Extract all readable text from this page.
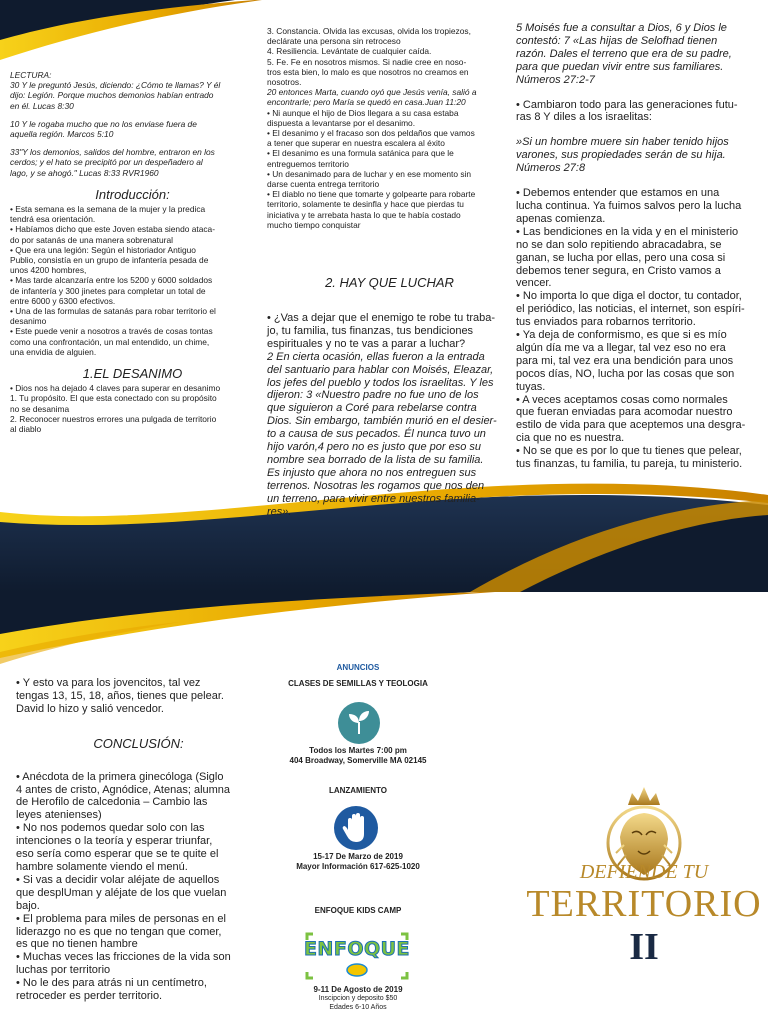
LECTURA:

30 Y le preguntó Jesús, diciendo: ¿Cómo te llamas? Y él

dijo: Legión. Porque muchos demonios habían entrado

en él. Lucas 8:30

10 Y le rogaba mucho que no los enviase fuera de

aquella región. Marcos 5:10

33"Y los demonios, salidos del hombre, entraron en los

cerdos; y el hato se precipitó por un despeñadero al

lago, y se ahogó." Lucas 8:33 RVR1960

Introducción:

• Esta semana es la semana de la mujer y la predica

tendrá esa orientación.

• Habíamos dicho que este Joven estaba siendo ataca-

do por satanás de una manera sobrenatural

• Que era una legión: Según el historiador Antiguo

Publio, consistía en un grupo de infantería pesada de

unos 4200 hombres,

• Mas tarde alcanzaría entre los 5200 y 6000 soldados

de infantería y 300 jinetes para completar un total de

entre 6000 y 6300 efectivos.

• Una de las formulas de satanás para robar territorio el

desanimo

• Este puede venir a nosotros a través de cosas tontas

como una confrontación, un mal entendido, un chime,

una envidia de alguien.

1.EL DESANIMO

• Dios nos ha dejado 4 claves para superar en desanimo

1. Tu propósito. El que esta conectado con su propósito

no se desanima

2. Reconocer nuestros errores una pulgada de territorio

al diablo

3. Constancia. Olvida las excusas, olvida los tropiezos,

declárate una persona sin retroceso

4. Resiliencia. Levántate de cualquier caída.

5. Fe. Fe en nosotros mismos. Si nadie cree en noso-

tros esta bien, lo malo es que nosotros no creamos en

nosotros.

20 entonces Marta, cuando oyó que Jesús venía, salió a

encontrarle; pero María se quedó en casa.Juan 11:20

• Ni aunque el hijo de Dios llegara a su casa estaba

dispuesta a levantarse por el desanimo.

• El desanimo y el fracaso son dos peldaños que vamos

a tener que superar en nuestra escalera al éxito

• El desanimo es una formula satánica para que le

entreguemos territorio

• Un desanimado para de luchar y en ese momento sin

darse cuenta entrega territorio

• El diablo no tiene que tomarte y golpearte para robarte

territorio, solamente te desinfla y hace que pierdas tu

iniciativa y te arrebata hasta lo que te había costado

mucho tiempo conquistar

2. HAY QUE LUCHAR

• ¿Vas a dejar que el enemigo te robe tu traba-

jo, tu familia, tus finanzas, tus bendiciones

espirituales y no te vas a parar a luchar?

2 En cierta ocasión, ellas fueron a la entrada

del santuario para hablar con Moisés, Eleazar,

los jefes del pueblo y todos los israelitas. Y les

dijeron: 3 «Nuestro padre no fue uno de los

que siguieron a Coré para rebelarse contra

Dios. Sin embargo, también murió en el desier-

to a causa de sus pecados. Él nunca tuvo un

hijo varón,4 pero no es justo que por eso su

nombre sea borrado de la lista de su familia.

Es injusto que ahora no nos entreguen sus

terrenos. Nosotras les rogamos que nos den

un terreno, para vivir entre nuestros familia-

res».

5 Moisés fue a consultar a Dios, 6 y Dios le

contestó: 7 «Las hijas de Selofhad tienen

razón. Dales el terreno que era de su padre,

para que puedan vivir entre sus familiares.

Números 27:2-7

• Cambiaron todo para las generaciones futu-

ras 8 Y diles a los israelitas:

»Si un hombre muere sin haber tenido hijos

varones, sus propiedades serán de su hija.

Números 27:8

• Debemos entender que estamos en una

lucha continua. Ya fuimos salvos pero la lucha

apenas comienza.

• Las bendiciones en la vida y en el ministerio

no se dan solo repitiendo abracadabra, se

ganan, se lucha por ellas, pero una cosa si

debemos tener segura, en Cristo vamos a

vencer.

• No importa lo que diga el doctor, tu contador,

el periódico, las noticias, el internet, son espíri-

tus enviados para robarnos territorio.

• Ya deja de conformismo, es que si es mío

algún día me va a llegar, tal vez eso no era

para mi, tal vez era una bendición para unos

pocos días, NO, lucha por las cosas que son

tuyas.

• A veces aceptamos cosas como normales

que fueran enviadas para acomodar nuestro

estilo de vida para que aceptemos una desgra-

cia que no es nuestra.

• No se que es por lo que tu tienes que pelear,

tus finanzas, tu familia, tu pareja, tu ministerio.

• Y esto va para los jovencitos, tal vez

tengas 13, 15, 18, años, tienes que pelear.

David lo hizo y salió vencedor.

CONCLUSIÓN:

• Anécdota de la primera ginecóloga (Siglo

4 antes de cristo, Agnódice, Atenas; alumna

de Herofilo de calcedonia – Cambio las

leyes atenienses)

• No nos podemos quedar solo con las

intenciones o la teoría y esperar triunfar,

eso sería como esperar que se te quite el

hambre solamente viendo el menú.

• Si vas a decidir volar aléjate de aquellos

que desplUman y aléjate de los que vuelan

bajo.

• El problema para miles de personas en el

liderazgo no es que no tengan que comer,

es que no tienen hambre

• Muchas veces las fricciones de la vida son

luchas por territorio

• No le des para atrás ni un centímetro,

retroceder es perder territorio.

ANUNCIOS
CLASES DE SEMILLAS Y TEOLOGIA
Todos los Martes 7:00 pm
404 Broadway, Somerville MA 02145
LANZAMIENTO
15-17 De Marzo de 2019
Mayor Información 617-625-1020
ENFOQUE KIDS CAMP
ENFOQUE
9-11 De Agosto de 2019
Inscipcion y deposito $50
Edades 6-10 Años
DEFIENDE TU
TERRITORIO
II
